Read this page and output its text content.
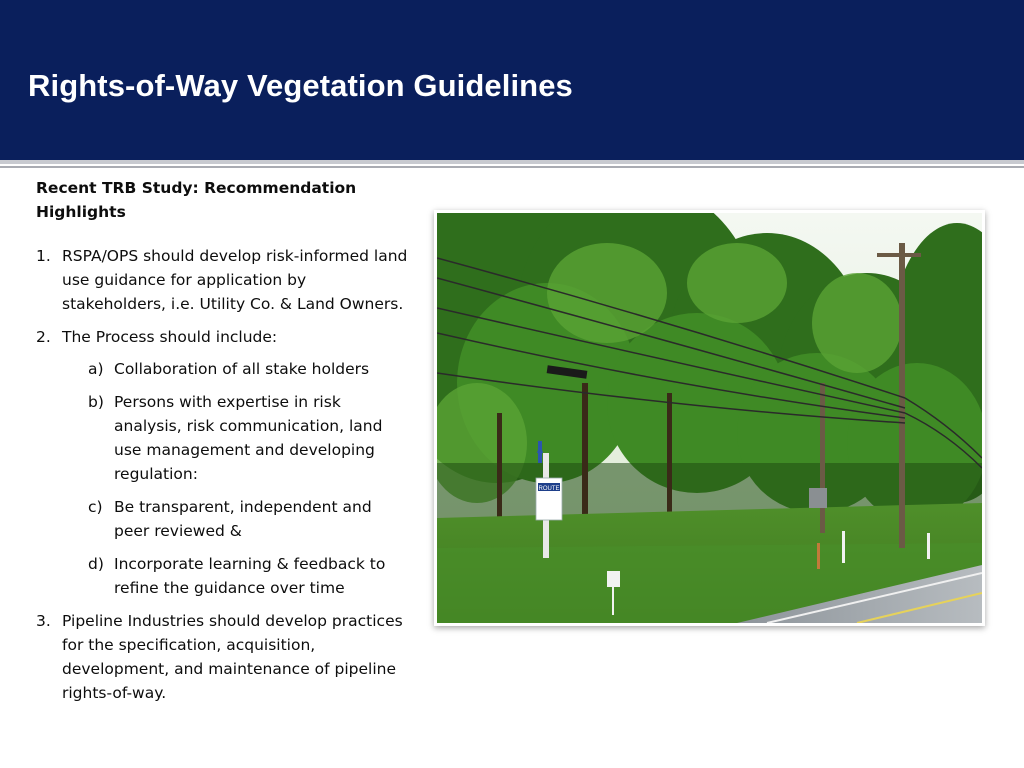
Rights-of-Way Vegetation Guidelines
Recent TRB Study: Recommendation Highlights
1. RSPA/OPS should develop risk-informed land use guidance for application by stakeholders, i.e. Utility Co. & Land Owners.
2. The Process should include:
a) Collaboration of all stake holders
b) Persons with expertise in risk analysis, risk communication, land use management and developing regulation:
c) Be transparent, independent and peer reviewed &
d) Incorporate learning & feedback to refine the guidance over time
3. Pipeline Industries should develop practices for the specification, acquisition, development, and maintenance of pipeline rights-of-way.
ROUTE
